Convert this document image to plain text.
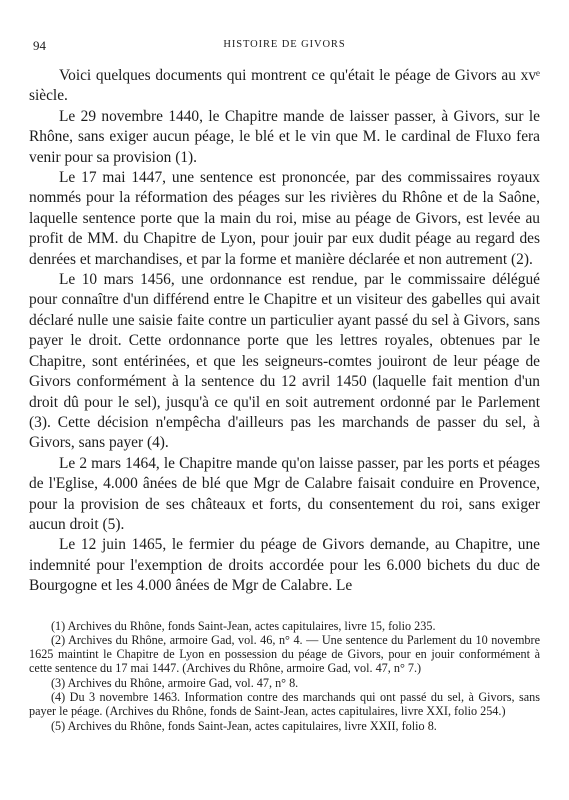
94	HISTOIRE DE GIVORS

Voici quelques documents qui montrent ce qu'était le péage de Givors au xvᵉ siècle.

Le 29 novembre 1440, le Chapitre mande de laisser passer, à Givors, sur le Rhône, sans exiger aucun péage, le blé et le vin que M. le cardinal de Fluxo fera venir pour sa provision (1).

Le 17 mai 1447, une sentence est prononcée, par des commissaires royaux nommés pour la réformation des péages sur les rivières du Rhône et de la Saône, laquelle sentence porte que la main du roi, mise au péage de Givors, est levée au profit de MM. du Chapitre de Lyon, pour jouir par eux dudit péage au regard des denrées et marchandises, et par la forme et manière déclarée et non autrement (2).

Le 10 mars 1456, une ordonnance est rendue, par le commissaire délégué pour connaître d'un différend entre le Chapitre et un visiteur des gabelles qui avait déclaré nulle une saisie faite contre un particulier ayant passé du sel à Givors, sans payer le droit. Cette ordonnance porte que les lettres royales, obtenues par le Chapitre, sont entérinées, et que les seigneurs-comtes jouiront de leur péage de Givors conformément à la sentence du 12 avril 1450 (laquelle fait mention d'un droit dû pour le sel), jusqu'à ce qu'il en soit autrement ordonné par le Parlement (3). Cette décision n'empêcha d'ailleurs pas les marchands de passer du sel, à Givors, sans payer (4).

Le 2 mars 1464, le Chapitre mande qu'on laisse passer, par les ports et péages de l'Eglise, 4.000 ânées de blé que Mgr de Calabre faisait conduire en Provence, pour la provision de ses châteaux et forts, du consentement du roi, sans exiger aucun droit (5).

Le 12 juin 1465, le fermier du péage de Givors demande, au Chapitre, une indemnité pour l'exemption de droits accordée pour les 6.000 bichets du duc de Bourgogne et les 4.000 ânées de Mgr de Calabre. Le

(1) Archives du Rhône, fonds Saint-Jean, actes capitulaires, livre 15, folio 235.

(2) Archives du Rhône, armoire Gad, vol. 46, n° 4. — Une sentence du Parlement du 10 novembre 1625 maintint le Chapitre de Lyon en possession du péage de Givors, pour en jouir conformément à cette sentence du 17 mai 1447. (Archives du Rhône, armoire Gad, vol. 47, n° 7.)

(3) Archives du Rhône, armoire Gad, vol. 47, n° 8.

(4) Du 3 novembre 1463. Information contre des marchands qui ont passé du sel, à Givors, sans payer le péage. (Archives du Rhône, fonds de Saint-Jean, actes capitulaires, livre XXI, folio 254.)

(5) Archives du Rhône, fonds Saint-Jean, actes capitulaires, livre XXII, folio 8.
